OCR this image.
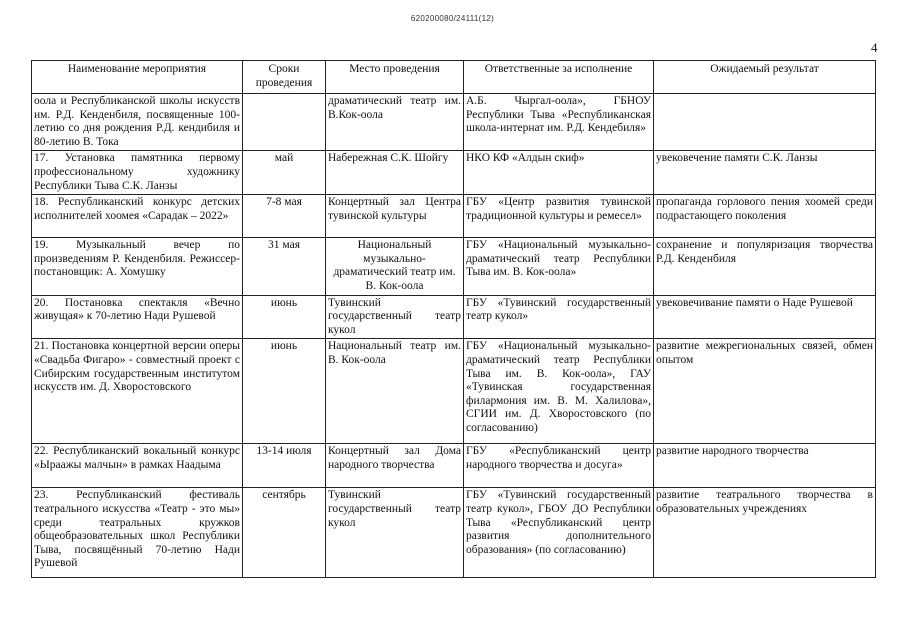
620200080/24111(12)
4
Наименование мероприятия	Сроки проведения	Место проведения	Ответственные за исполнение	Ожидаемый результат
оола и Республиканской школы искусств им. Р.Д. Кенденбиля, посвященные 100-летию со дня рождения Р.Д. кендибиля и 80-летию В. Тока		драматический театр им. В.Кок-оола	А.Б. Чыргал-оола», ГБНОУ Республики Тыва «Республиканская школа-интернат им. Р.Д. Кендебиля»	
17. Установка памятника первому профессиональному художнику Республики Тыва С.К. Ланзы	май	Набережная С.К. Шойгу	НКО КФ «Алдын скиф»	увековечение памяти С.К. Ланзы
18. Республиканский конкурс детских исполнителей хоомея «Сарадак – 2022»	7-8 мая	Концертный зал Центра тувинской культуры	ГБУ «Центр развития тувинской традиционной культуры и ремесел»	пропаганда горлового пения хоомей среди подрастающего поколения
19. Музыкальный вечер по произведениям Р. Кенденбиля. Режиссер-постановщик: А. Хомушку	31 мая	Национальный музыкально-драматический театр им. В. Кок-оола	ГБУ «Национальный музыкально-драматический театр Республики Тыва им. В. Кок-оола»	сохранение и популяризация творчества Р.Д. Кенденбиля
20. Постановка спектакля «Вечно живущая» к 70-летию Нади Рушевой	июнь	Тувинский государственный театр кукол	ГБУ «Тувинский государственный театр кукол»	увековечивание памяти о Наде Рушевой
21. Постановка концертной версии оперы «Свадьба Фигаро» - совместный проект с Сибирским государственным институтом искусств им. Д. Хворостовского	июнь	Национальный театр им. В. Кок-оола	ГБУ «Национальный музыкально-драматический театр Республики Тыва им. В. Кок-оола», ГАУ «Тувинская государственная филармония им. В. М. Халилова», СГИИ им. Д. Хворостовского (по согласованию)	развитие межрегиональных связей, обмен опытом
22. Республиканский вокальный конкурс «Ыраажы малчын» в рамках Наадыма	13-14 июля	Концертный зал Дома народного творчества	ГБУ «Республиканский центр народного творчества и досуга»	развитие народного творчества
23. Республиканский фестиваль театрального искусства «Театр - это мы» среди театральных кружков общеобразовательных школ Республики Тыва, посвящённый 70-летию Нади Рушевой	сентябрь	Тувинский государственный театр кукол	ГБУ «Тувинский государственный театр кукол», ГБОУ ДО Республики Тыва «Республиканский центр развития дополнительного образования» (по согласованию)	развитие театрального творчества в образовательных учреждениях
